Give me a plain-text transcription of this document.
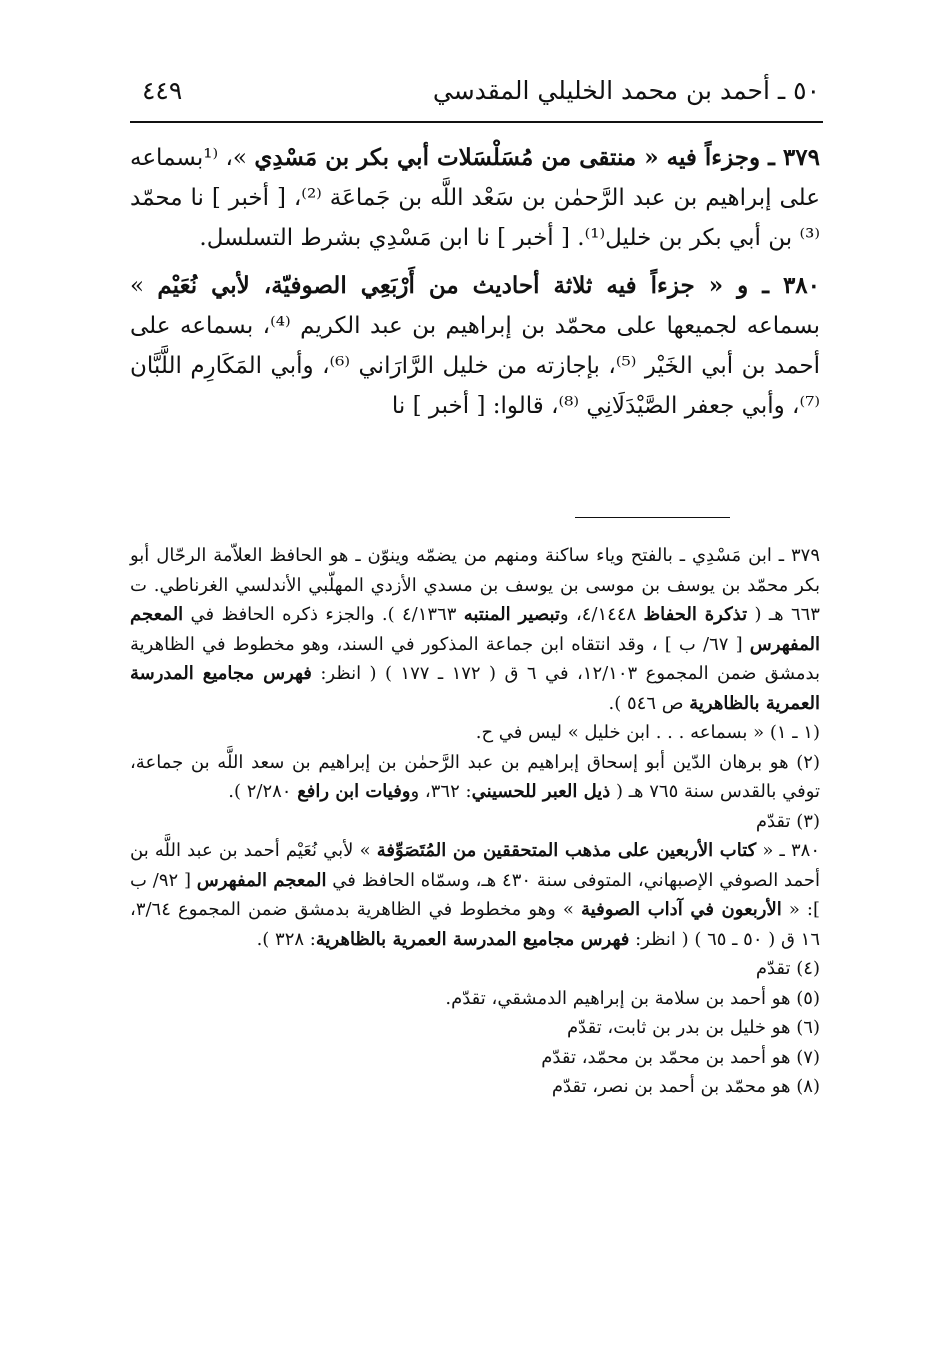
٥٠ ـ أحمد بن محمد الخليلي المقدسي
٤٤٩

٣٧٩ ـ وجزءاً فيه « منتقى من مُسَلْسَلات أبي بكر بن مَسْدِي »، ⁽¹بسماعه على إبراهيم بن عبد الرَّحمٰن بن سَعْد اللَّه بن جَماعَة ⁽²⁾، [ أخبر ] نا محمّد ⁽³⁾ بن أبي بكر بن خليل⁽¹⁾. [ أخبر ] نا ابن مَسْدِي بشرط التسلسل.

٣٨٠ ـ و « جزءاً فيه ثلاثة أحاديث من أَرْبَعِي الصوفيّة، لأبي نُعَيْم » بسماعه لجميعها على محمّد بن إبراهيم بن عبد الكريم ⁽⁴⁾، بسماعه على أحمد بن أبي الخَيْر ⁽⁵⁾، بإجازته من خليل الرَّارَاني ⁽⁶⁾، وأبي المَكَارِم اللَّبَّان ⁽⁷⁾، وأبي جعفر الصَّيْدَلَانِي ⁽⁸⁾، قالوا: [ أخبر ] نا

٣٧٩ ـ ابن مَسْدِي ـ بالفتح وياء ساكنة ومنهم من يضمّه وينوّن ـ هو الحافظ العلاّمة الرحّال أبو بكر محمّد بن يوسف بن موسى بن يوسف بن مسدي الأزدي المهلّبي الأندلسي الغرناطي. ت ٦٦٣ هـ ( تذكرة الحفاظ ٤/١٤٤٨، وتبصير المنتبه ٤/١٣٦٣ ). والجزء ذكره الحافظ في المعجم المفهرس [ ٦٧/ ب ] ، وقد انتقاه ابن جماعة المذكور في السند، وهو مخطوط في الظاهرية بدمشق ضمن المجموع ١٢/١٠٣، في ٦ ق ( ١٧٢ ـ ١٧٧ ) ( انظر: فهرس مجاميع المدرسة العمرية بالظاهرية ص ٥٤٦ ).

(١ ـ ١) « بسماعه . . . ابن خليل » ليس في ح.

(٢) هو برهان الدّين أبو إسحاق إبراهيم بن عبد الرَّحمٰن بن إبراهيم بن سعد اللَّه بن جماعة، توفي بالقدس سنة ٧٦٥ هـ ( ذيل العبر للحسيني: ٣٦٢، ووفيات ابن رافع ٢/٢٨٠ ).

(٣) تقدّم

٣٨٠ ـ « كتاب الأربعين على مذهب المتحققين من المُتَصَوِّفة » لأبي نُعَيْم أحمد بن عبد اللَّه بن أحمد الصوفي الإصبهاني، المتوفى سنة ٤٣٠ هـ، وسمّاه الحافظ في المعجم المفهرس [ ٩٢/ ب ]: « الأربعون في آداب الصوفية » وهو مخطوط في الظاهرية بدمشق ضمن المجموع ٣/٦٤، ١٦ ق ( ٥٠ ـ ٦٥ ) ( انظر: فهرس مجاميع المدرسة العمرية بالظاهرية: ٣٢٨ ).

(٤) تقدّم

(٥) هو أحمد بن سلامة بن إبراهيم الدمشقي، تقدّم.

(٦) هو خليل بن بدر بن ثابت، تقدّم

(٧) هو أحمد بن محمّد بن محمّد، تقدّم

(٨) هو محمّد بن أحمد بن نصر، تقدّم
